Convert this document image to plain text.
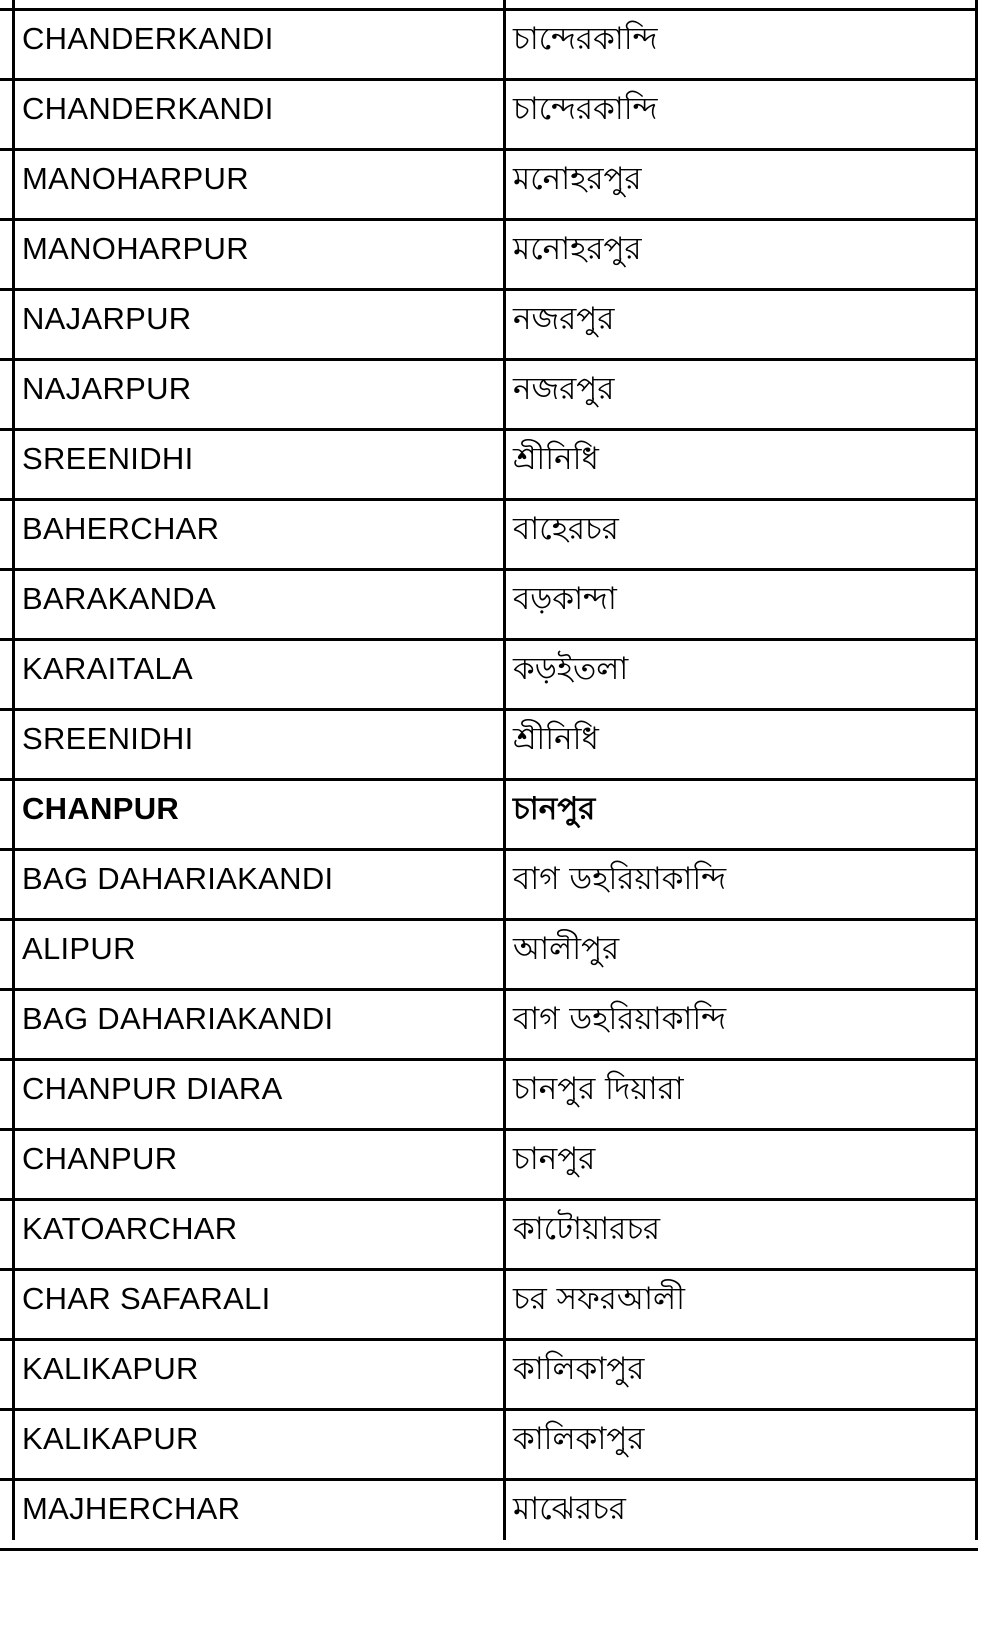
CHANDERKANDI	চান্দেরকান্দি
CHANDERKANDI	চান্দেরকান্দি
MANOHARPUR	মনোহরপুর
MANOHARPUR	মনোহরপুর
NAJARPUR	নজরপুর
NAJARPUR	নজরপুর
SREENIDHI	শ্রীনিধি
BAHERCHAR	বাহেরচর
BARAKANDA	বড়কান্দা
KARAITALA	কড়ইতলা
SREENIDHI	শ্রীনিধি
CHANPUR	চানপুর
BAG DAHARIAKANDI	বাগ ডহরিয়াকান্দি
ALIPUR	আলীপুর
BAG DAHARIAKANDI	বাগ ডহরিয়াকান্দি
CHANPUR DIARA	চানপুর দিয়ারা
CHANPUR	চানপুর
KATOARCHAR	কাটোয়ারচর
CHAR SAFARALI	চর সফরআলী
KALIKAPUR	কালিকাপুর
KALIKAPUR	কালিকাপুর
MAJHERCHAR	মাঝেরচর
